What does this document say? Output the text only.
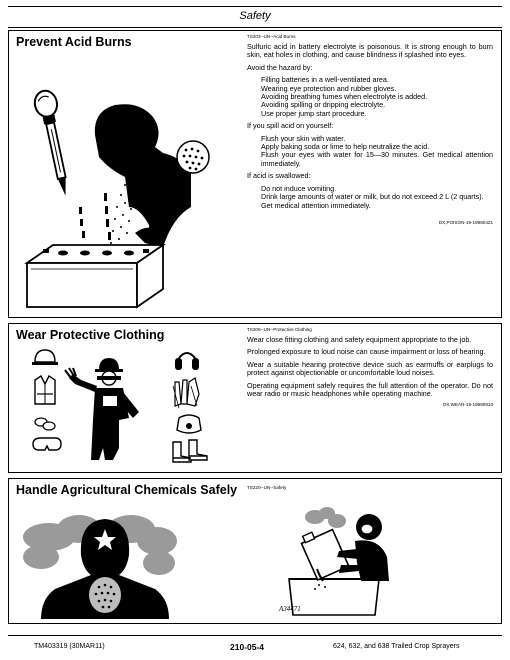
Safety
Prevent Acid Burns	TS203--UN--Acid Burns

Sulfuric acid in battery electrolyte is poisonous. It is strong enough to burn skin, eat holes in clothing, and cause blindness if splashed into eyes.

Avoid the hazard by:

Filling batteries in a well-ventilated area.
Wearing eye protection and rubber gloves.
Avoiding breathing fumes when electrolyte is added.
Avoiding spilling or dripping electrolyte.
Use proper jump start procedure.

If you spill acid on yourself:

Flush your skin with water.
Apply baking soda or lime to help neutralize the acid.
Flush your eyes with water for 15—30 minutes. Get medical attention immediately.

If acid is swallowed:

Do not induce vomiting.
Drink large amounts of water or milk, but do not exceed 2 L (2 quarts).
Get medical attention immediately.
DX,POISON-19-19980421
Wear Protective Clothing	TS206--UN--Protective Clothing

Wear close fitting clothing and safety equipment appropriate to the job.

Prolonged exposure to loud noise can cause impairment or loss of hearing.

Wear a suitable hearing protective device such as earmuffs or earplugs to protect against objectionable or uncomfortable loud noises.

Operating equipment safely requires the full attention of the operator. Do not wear radio or music headphones while operating machine.

DX,WEAR-19-19980910
Handle Agricultural Chemicals Safely TS220--UN--Safety
A34471
TM403319 (30MAR11)	210-05-4	624, 632, and 638 Trailed Crop Sprayers
